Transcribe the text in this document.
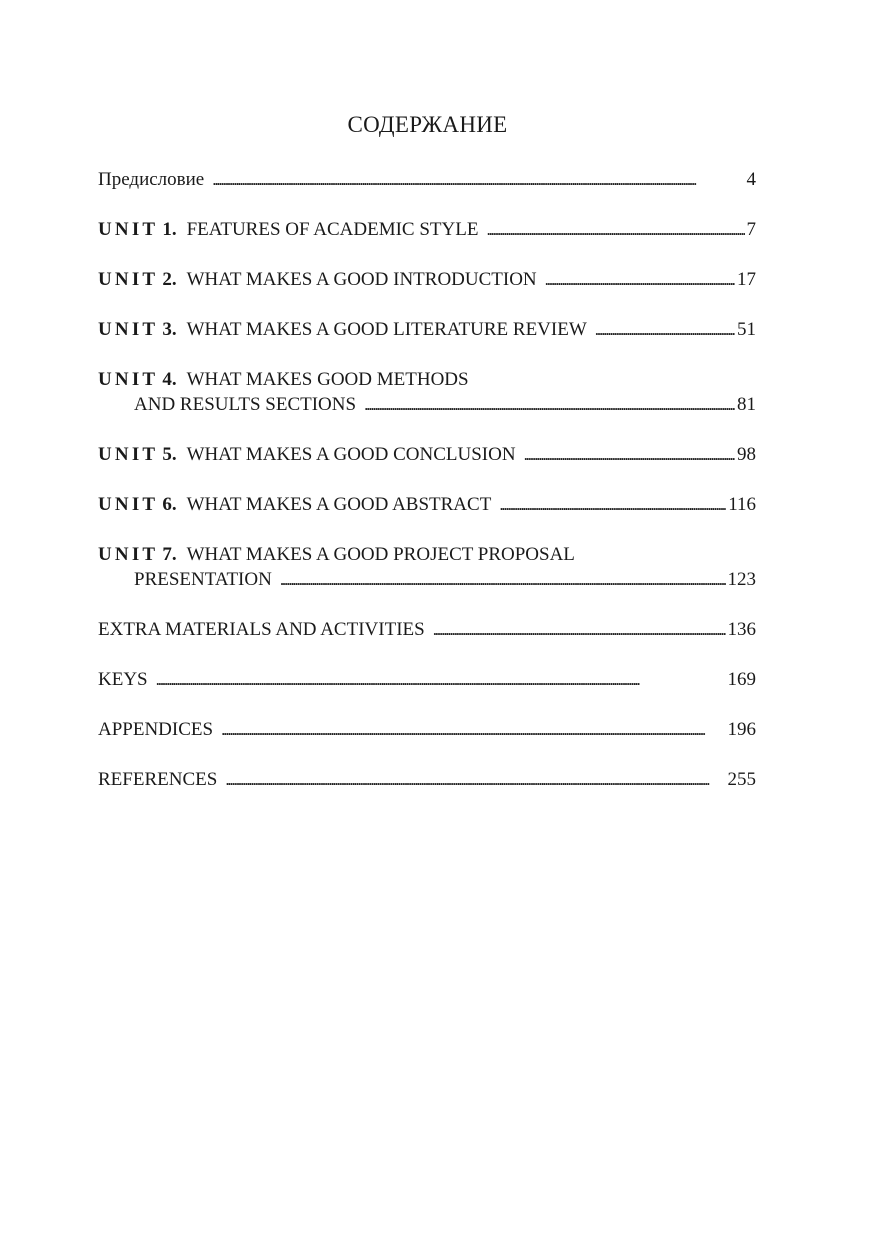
СОДЕРЖАНИЕ
Предисловие . . .	4
UNIT 1. FEATURES OF ACADEMIC STYLE . . .	7
UNIT 2. WHAT MAKES A GOOD INTRODUCTION . . .	17
UNIT 3. WHAT MAKES A GOOD LITERATURE REVIEW . . .	51
UNIT 4. WHAT MAKES GOOD METHODS
AND RESULTS SECTIONS . . .	81
UNIT 5. WHAT MAKES A GOOD CONCLUSION . . .	98
UNIT 6. WHAT MAKES A GOOD ABSTRACT . . .	116
UNIT 7. WHAT MAKES A GOOD PROJECT PROPOSAL
PRESENTATION . . .	123
EXTRA MATERIALS AND ACTIVITIES . . .	136
KEYS . . .	169
APPENDICES . . .	196
REFERENCES . . .	255
